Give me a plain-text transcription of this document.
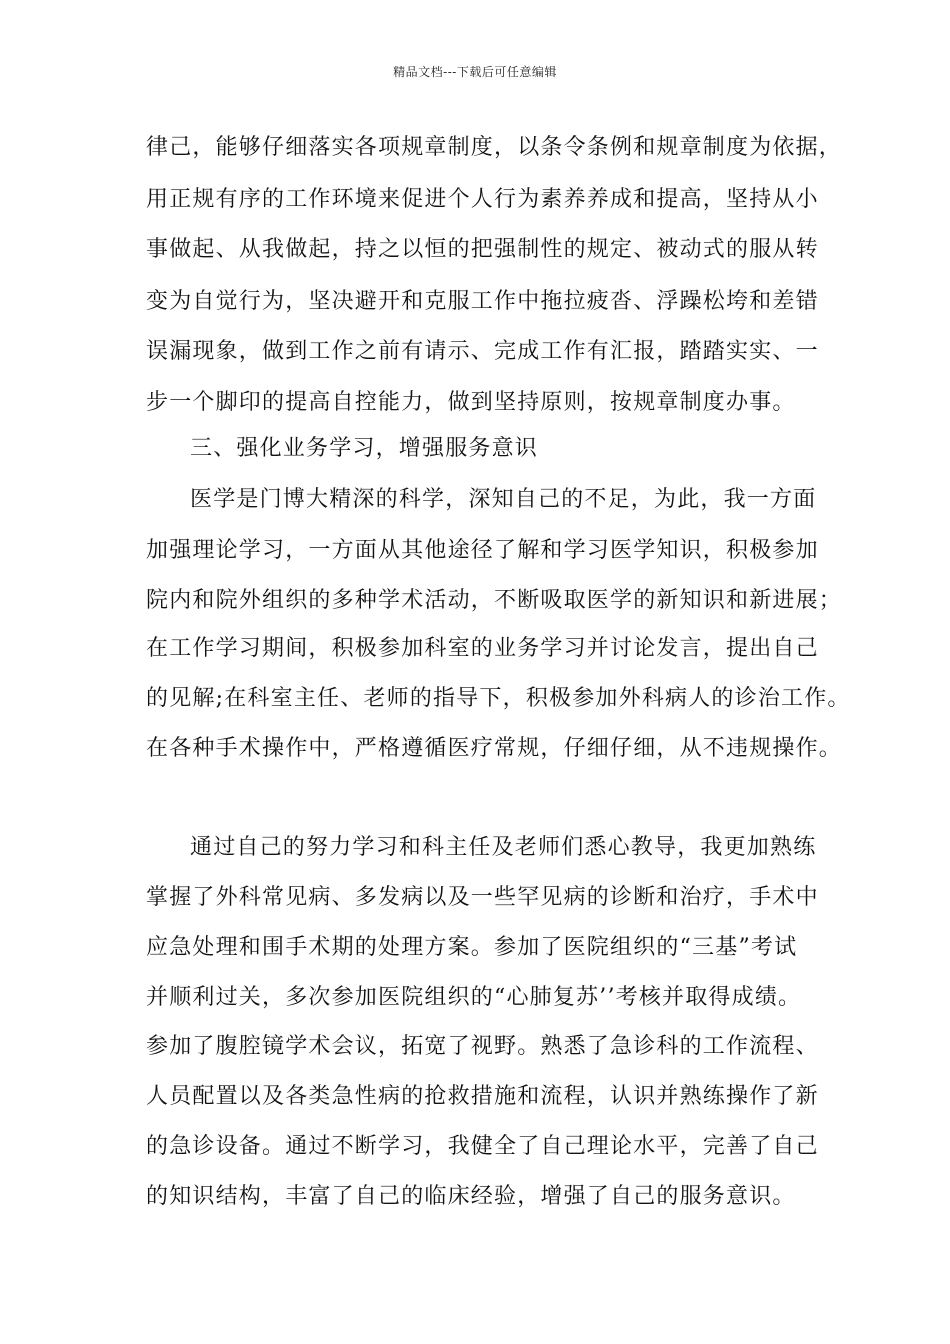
精品文档---下载后可任意编辑
律己，能够仔细落实各项规章制度，以条令条例和规章制度为依据，
用正规有序的工作环境来促进个人行为素养养成和提高，坚持从小
事做起、从我做起，持之以恒的把强制性的规定、被动式的服从转
变为自觉行为，坚决避开和克服工作中拖拉疲沓、浮躁松垮和差错
误漏现象，做到工作之前有请示、完成工作有汇报，踏踏实实、一
步一个脚印的提高自控能力，做到坚持原则，按规章制度办事。
三、强化业务学习，增强服务意识
医学是门博大精深的科学，深知自己的不足，为此，我一方面
加强理论学习，一方面从其他途径了解和学习医学知识，积极参加
院内和院外组织的多种学术活动，不断吸取医学的新知识和新进展；
在工作学习期间，积极参加科室的业务学习并讨论发言，提出自己
的见解;在科室主任、老师的指导下，积极参加外科病人的诊治工作。
在各种手术操作中，严格遵循医疗常规，仔细仔细，从不违规操作。
通过自己的努力学习和科主任及老师们悉心教导，我更加熟练
掌握了外科常见病、多发病以及一些罕见病的诊断和治疗，手术中
应急处理和围手术期的处理方案。参加了医院组织的“三基”考试
并顺利过关，多次参加医院组织的“心肺复苏’’考核并取得成绩。
参加了腹腔镜学术会议，拓宽了视野。熟悉了急诊科的工作流程、
人员配置以及各类急性病的抢救措施和流程，认识并熟练操作了新
的急诊设备。通过不断学习，我健全了自己理论水平，完善了自己
的知识结构，丰富了自己的临床经验，增强了自己的服务意识。
